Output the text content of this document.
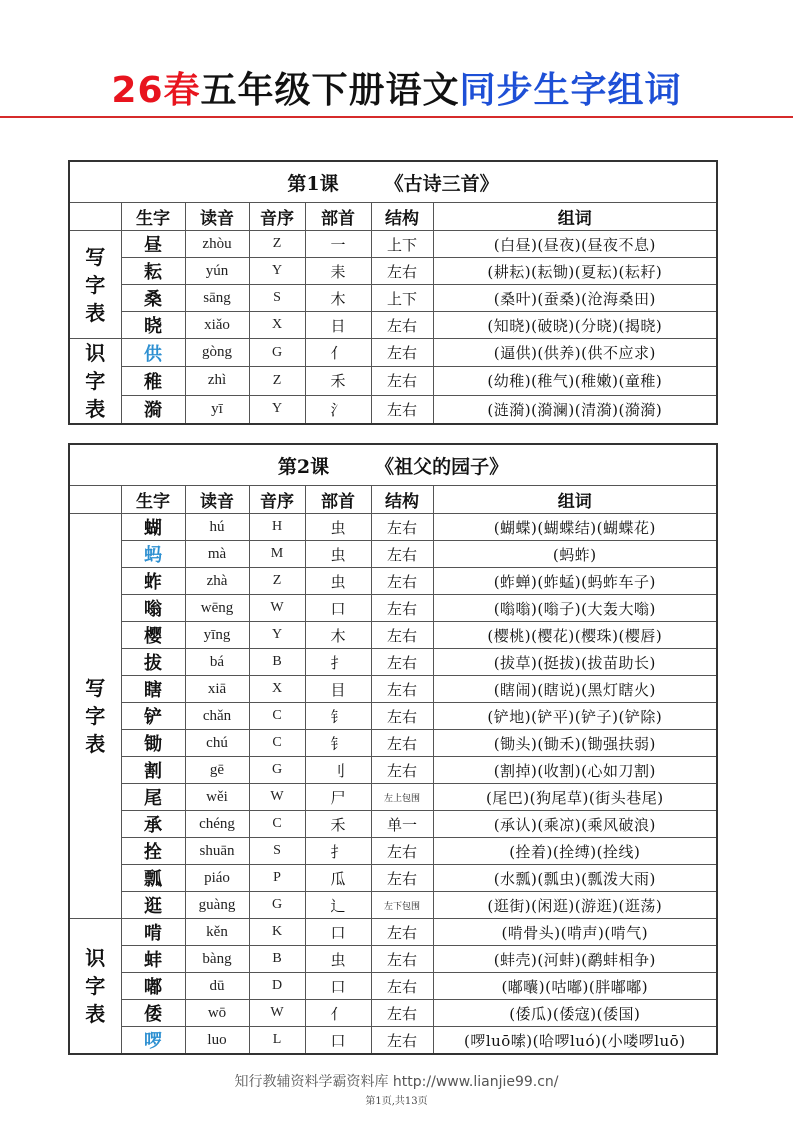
26春五年级下册语文同步生字组词
第1课 《古诗三首》						
	生字	读音	音序	部首	结构	组词

写
字
表	昼	zhòu	Z	一	上下	(白昼)(昼夜)(昼夜不息)
	耘	yún	Y	耒	左右	(耕耘)(耘锄)(夏耘)(耘耔)
	桑	sāng	S	木	上下	(桑叶)(蚕桑)(沧海桑田)
	晓	xiǎo	X	日	左右	(知晓)(破晓)(分晓)(揭晓)

识
字
表	供	gòng	G	亻	左右	(逼供)(供养)(供不应求)
	稚	zhì	Z	禾	左右	(幼稚)(稚气)(稚嫩)(童稚)
	漪	yī	Y	氵	左右	(涟漪)(漪澜)(清漪)(漪漪)
第2课 《祖父的园子》						
	生字	读音	音序	部首	结构	组词

写
字
表	蝴	hú	H	虫	左右	(蝴蝶)(蝴蝶结)(蝴蝶花)
	蚂	mà	M	虫	左右	(蚂蚱)
	蚱	zhà	Z	虫	左右	(蚱蝉)(蚱蜢)(蚂蚱车子)
	嗡	wēng	W	口	左右	(嗡嗡)(嗡子)(大轰大嗡)
	樱	yīng	Y	木	左右	(樱桃)(樱花)(樱珠)(樱唇)
	拔	bá	B	扌	左右	(拔草)(挺拔)(拔苗助长)
	瞎	xiā	X	目	左右	(瞎闹)(瞎说)(黑灯瞎火)
	铲	chǎn	C	钅	左右	(铲地)(铲平)(铲子)(铲除)
	锄	chú	C	钅	左右	(锄头)(锄禾)(锄强扶弱)
	割	gē	G	刂	左右	(割掉)(收割)(心如刀割)
	尾	wěi	W	尸	左上包围	(尾巴)(狗尾草)(街头巷尾)
	承	chéng	C	禾	单一	(承认)(乘凉)(乘风破浪)
	拴	shuān	S	扌	左右	(拴着)(拴缚)(拴线)
	瓢	piáo	P	瓜	左右	(水瓢)(瓢虫)(瓢泼大雨)
	逛	guàng	G	辶	左下包围	(逛街)(闲逛)(游逛)(逛荡)

识
字
表	啃	kěn	K	口	左右	(啃骨头)(啃声)(啃气)
	蚌	bàng	B	虫	左右	(蚌壳)(河蚌)(鹬蚌相争)
	嘟	dū	D	口	左右	(嘟囔)(咕嘟)(胖嘟嘟)
	倭	wō	W	亻	左右	(倭瓜)(倭寇)(倭国)
	啰	luo	L	口	左右	(啰luō嗦)(哈啰luó)(小喽啰luō)
知行教辅资料学霸资料库 http://www.lianjie99.cn/
第1页,共13页
